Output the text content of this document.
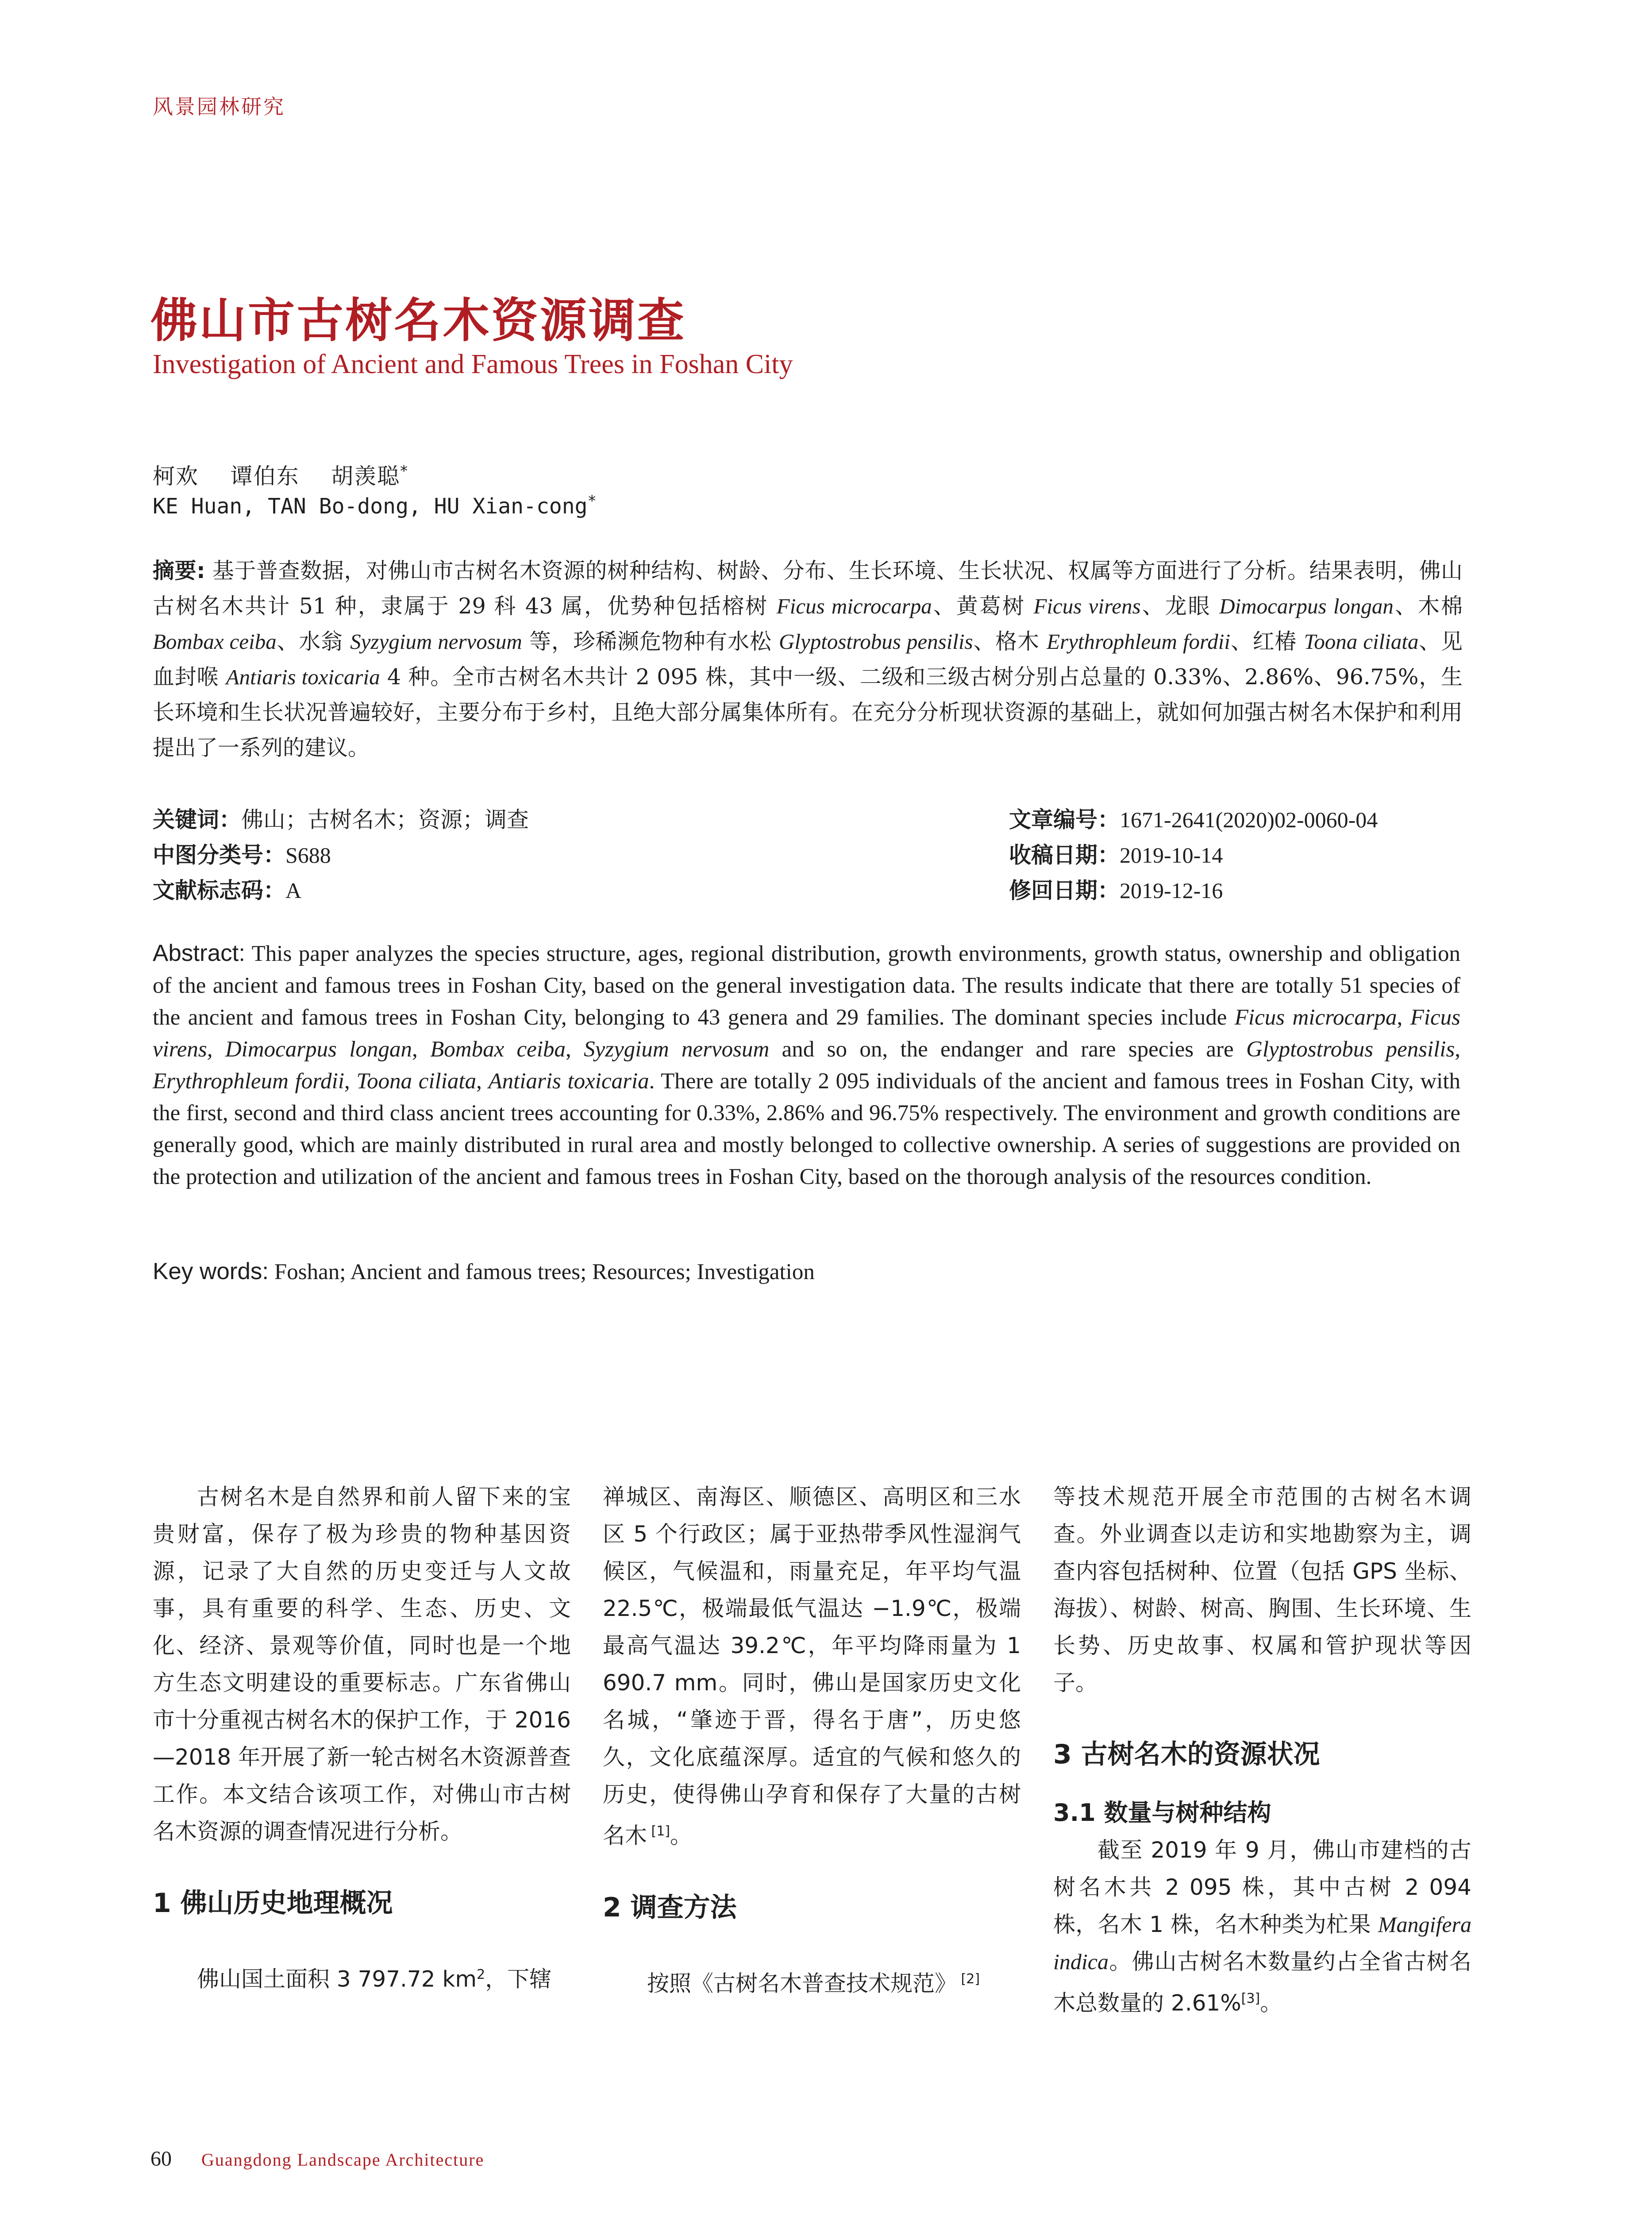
风景园林研究
佛山市古树名木资源调查
Investigation of Ancient and Famous Trees in Foshan City
柯欢    谭伯东    胡羡聪*
KE Huan, TAN Bo-dong, HU Xian-cong*
摘要: 基于普查数据，对佛山市古树名木资源的树种结构、树龄、分布、生长环境、生长状况、权属等方面进行了分析。结果表明，佛山古树名木共计 51 种，隶属于 29 科 43 属，优势种包括榕树 Ficus microcarpa、黄葛树 Ficus virens、龙眼 Dimocarpus longan、木棉 Bombax ceiba、水翁 Syzygium nervosum 等，珍稀濒危物种有水松 Glyptostrobus pensilis、格木 Erythrophleum fordii、红椿 Toona ciliata、见血封喉 Antiaris toxicaria 4 种。全市古树名木共计 2 095 株，其中一级、二级和三级古树分别占总量的 0.33%、2.86%、96.75%，生长环境和生长状况普遍较好，主要分布于乡村，且绝大部分属集体所有。在充分分析现状资源的基础上，就如何加强古树名木保护和利用提出了一系列的建议。
关键词：佛山；古树名木；资源；调查
中图分类号：S688
文献标志码：A
文章编号：1671-2641(2020)02-0060-04
收稿日期：2019-10-14
修回日期：2019-12-16
Abstract: This paper analyzes the species structure, ages, regional distribution, growth environments, growth status, ownership and obligation of the ancient and famous trees in Foshan City, based on the general investigation data. The results indicate that there are totally 51 species of the ancient and famous trees in Foshan City, belonging to 43 genera and 29 families. The dominant species include Ficus microcarpa, Ficus virens, Dimocarpus longan, Bombax ceiba, Syzygium nervosum and so on, the endanger and rare species are Glyptostrobus pensilis, Erythrophleum fordii, Toona ciliata, Antiaris toxicaria. There are totally 2 095 individuals of the ancient and famous trees in Foshan City, with the first, second and third class ancient trees accounting for 0.33%, 2.86% and 96.75% respectively. The environment and growth conditions are generally good, which are mainly distributed in rural area and mostly belonged to collective ownership. A series of suggestions are provided on the protection and utilization of the ancient and famous trees in Foshan City, based on the thorough analysis of the resources condition.
Key words: Foshan; Ancient and famous trees; Resources; Investigation

古树名木是自然界和前人留下来的宝贵财富，保存了极为珍贵的物种基因资源，记录了大自然的历史变迁与人文故事，具有重要的科学、生态、历史、文化、经济、景观等价值，同时也是一个地方生态文明建设的重要标志。广东省佛山市十分重视古树名木的保护工作，于 2016—2018 年开展了新一轮古树名木资源普查工作。本文结合该项工作，对佛山市古树名木资源的调查情况进行分析。

1 佛山历史地理概况

佛山国土面积 3 797.72 $km^2$，下辖

禅城区、南海区、顺德区、高明区和三水区 5 个行政区；属于亚热带季风性湿润气候区，气候温和，雨量充足，年平均气温 22.5℃，极端最低气温达 −1.9℃，极端最高气温达 39.2℃，年平均降雨量为 1 690.7 mm。同时，佛山是国家历史文化名城，“肇迹于晋，得名于唐”，历史悠久，文化底蕴深厚。适宜的气候和悠久的历史，使得佛山孕育和保存了大量的古树名木 [1]。

2 调查方法

按照《古树名木普查技术规范》 [2]

等技术规范开展全市范围的古树名木调查。外业调查以走访和实地勘察为主，调查内容包括树种、位置（包括 GPS 坐标、海拔）、树龄、树高、胸围、生长环境、生长势、历史故事、权属和管护现状等因子。

3 古树名木的资源状况
3.1 数量与树种结构

截至 2019 年 9 月，佛山市建档的古树名木共 2 095 株，其中古树 2 094 株，名木 1 株，名木种类为杧果 Mangifera indica。佛山古树名木数量约占全省古树名木总数量的 2.61%[3]。

60 Guangdong Landscape Architecture
